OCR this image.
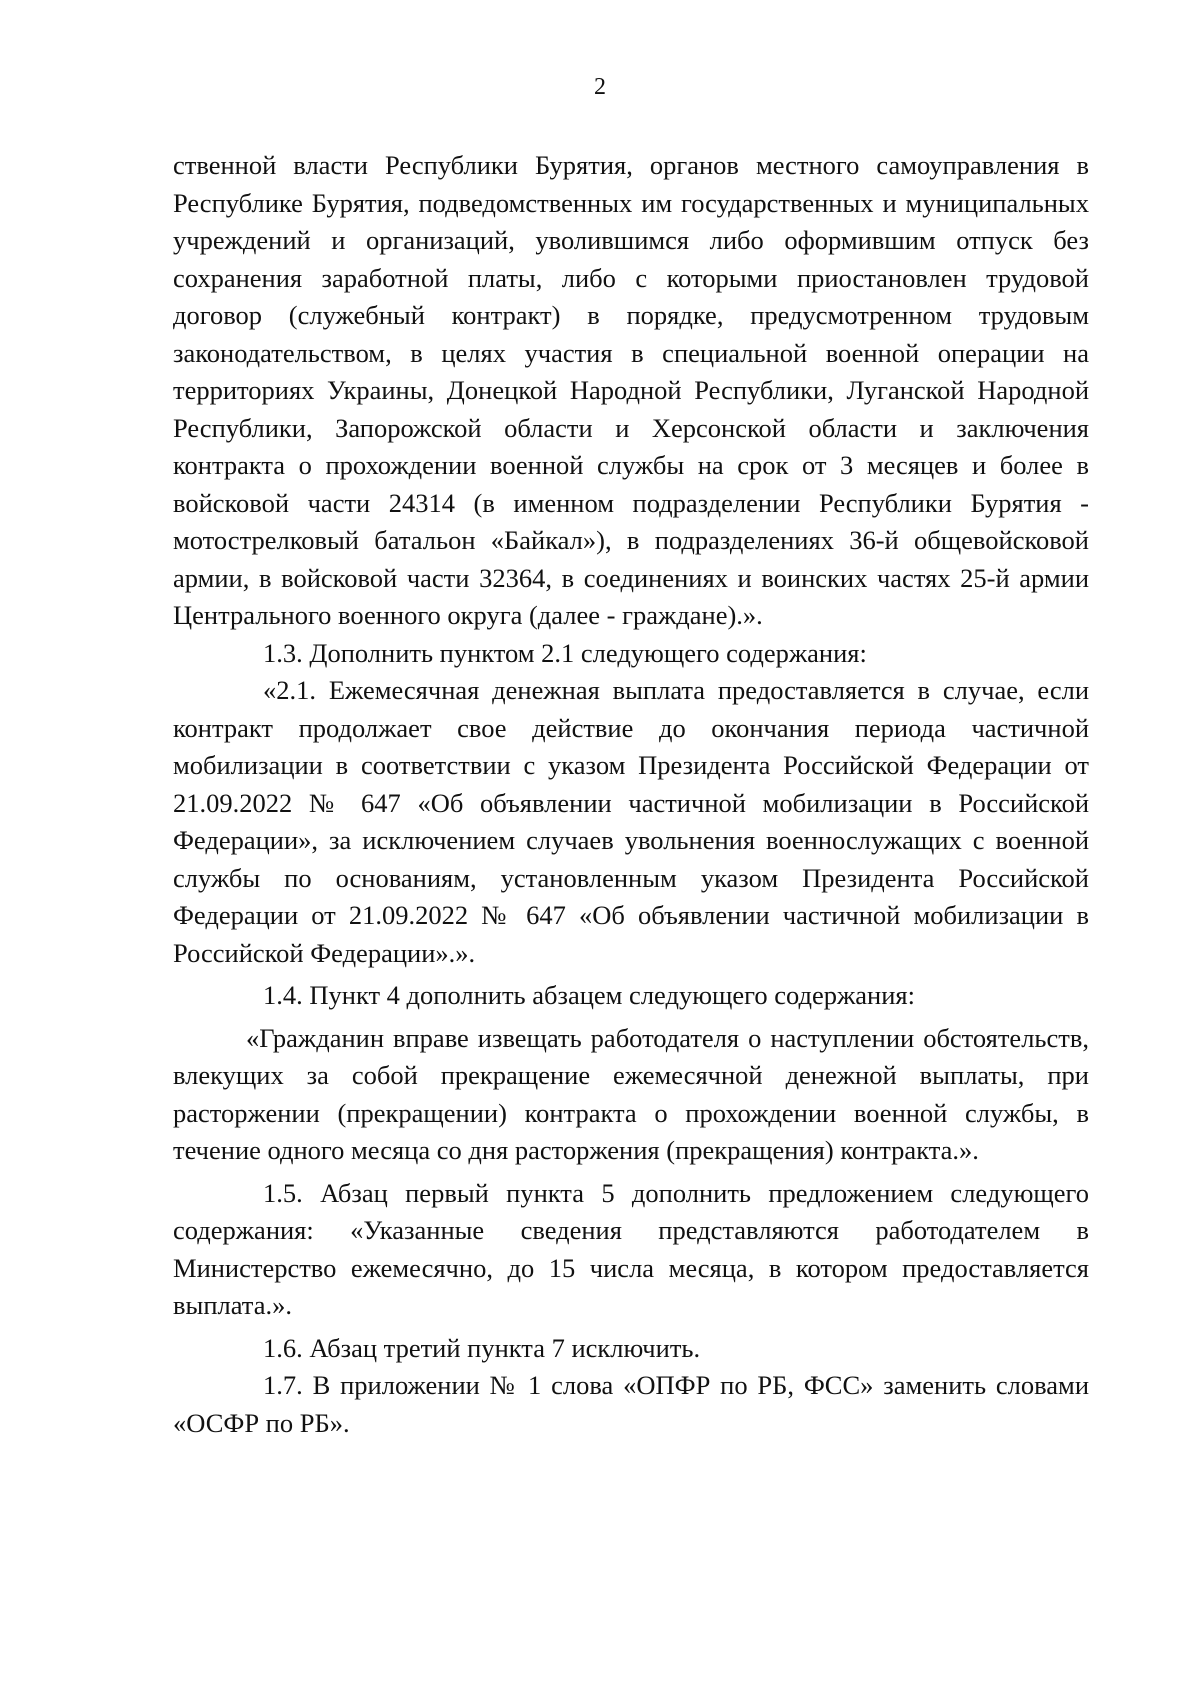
2

ственной власти Республики Бурятия, органов местного самоуправления в Республике Бурятия, подведомственных им государственных и муниципальных учреждений и организаций, уволившимся либо оформившим отпуск без сохранения заработной платы, либо с которыми приостановлен трудовой договор (служебный контракт) в порядке, предусмотренном трудовым законодательством, в целях участия в специальной военной операции на территориях Украины, Донецкой Народной Республики, Луганской Народной Республики, Запорожской области и Херсонской области и заключения контракта о прохождении военной службы на срок от 3 месяцев и более в войсковой части 24314 (в именном подразделении Республики Бурятия - мотострелковый батальон «Байкал»), в подразделениях 36-й общевойсковой армии, в войсковой части 32364, в соединениях и воинских частях 25-й армии Центрального военного округа (далее - граждане).».

1.3. Дополнить пунктом 2.1 следующего содержания:

«2.1. Ежемесячная денежная выплата предоставляется в случае, если контракт продолжает свое действие до окончания периода частичной мобилизации в соответствии с указом Президента Российской Федерации от 21.09.2022 № 647 «Об объявлении частичной мобилизации в Российской Федерации», за исключением случаев увольнения военнослужащих с военной службы по основаниям, установленным указом Президента Российской Федерации от 21.09.2022 № 647 «Об объявлении частичной мобилизации в Российской Федерации».».

1.4. Пункт 4 дополнить абзацем следующего содержания:

«Гражданин вправе извещать работодателя о наступлении обстоятельств, влекущих за собой прекращение ежемесячной денежной выплаты, при расторжении (прекращении) контракта о прохождении военной службы, в течение одного месяца со дня расторжения (прекращения) контракта.».

1.5. Абзац первый пункта 5 дополнить предложением следующего содержания: «Указанные сведения представляются работодателем в Министерство ежемесячно, до 15 числа месяца, в котором предоставляется выплата.».

1.6. Абзац третий пункта 7 исключить.

1.7. В приложении № 1 слова «ОПФР по РБ, ФСС» заменить словами «ОСФР по РБ».
